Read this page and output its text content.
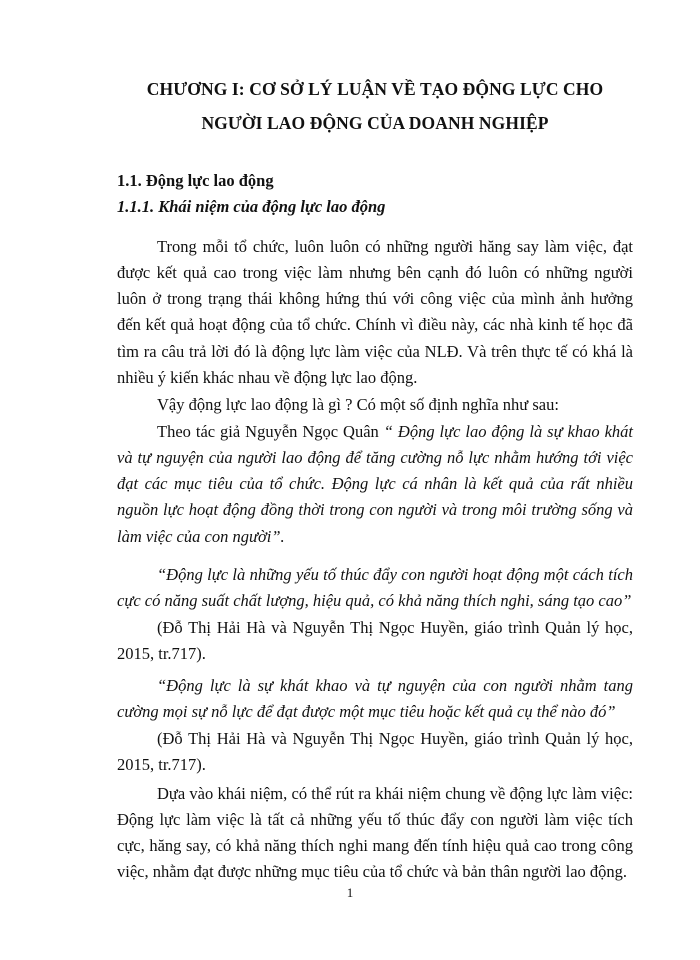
CHƯƠNG I: CƠ SỞ LÝ LUẬN VỀ TẠO ĐỘNG LỰC CHO
NGƯỜI LAO ĐỘNG CỦA DOANH NGHIỆP
1.1. Động lực lao động
1.1.1. Khái niệm của động lực lao động

Trong mỗi tổ chức, luôn luôn có những người hăng say làm việc, đạt được kết quả cao trong việc làm nhưng bên cạnh đó luôn có những người luôn ở trong trạng thái không hứng thú với công việc của mình ảnh hưởng đến kết quả hoạt động của tổ chức. Chính vì điều này, các nhà kinh tế học đã tìm ra câu trả lời đó là động lực làm việc của NLĐ. Và trên thực tế có khá là nhiều ý kiến khác nhau về động lực lao động.

Vậy động lực lao động là gì ? Có một số định nghĩa như sau:

Theo tác giả Nguyễn Ngọc Quân “ Động lực lao động là sự khao khát và tự nguyện của người lao động để tăng cường nỗ lực nhằm hướng tới việc đạt các mục tiêu của tổ chức. Động lực cá nhân là kết quả của rất nhiều nguồn lực hoạt động đồng thời trong con người và trong môi trường sống và làm việc của con người”.

“Động lực là những yếu tố thúc đẩy con người hoạt động một cách tích cực có năng suất chất lượng, hiệu quả, có khả năng thích nghi, sáng tạo cao”

(Đỗ Thị Hải Hà và Nguyễn Thị Ngọc Huyền, giáo trình Quản lý học, 2015, tr.717).

“Động lực là sự khát khao và tự nguyện của con người nhằm tang cường mọi sự nỗ lực để đạt được một mục tiêu hoặc kết quả cụ thể nào đó”

(Đỗ Thị Hải Hà và Nguyễn Thị Ngọc Huyền, giáo trình Quản lý học, 2015, tr.717).

Dựa vào khái niệm, có thể rút ra khái niệm chung về động lực làm việc: Động lực làm việc là tất cả những yếu tố thúc đẩy con người làm việc tích cực, hăng say, có khả năng thích nghi mang đến tính hiệu quả cao trong công việc, nhằm đạt được những mục tiêu của tổ chức và bản thân người lao động.

1
